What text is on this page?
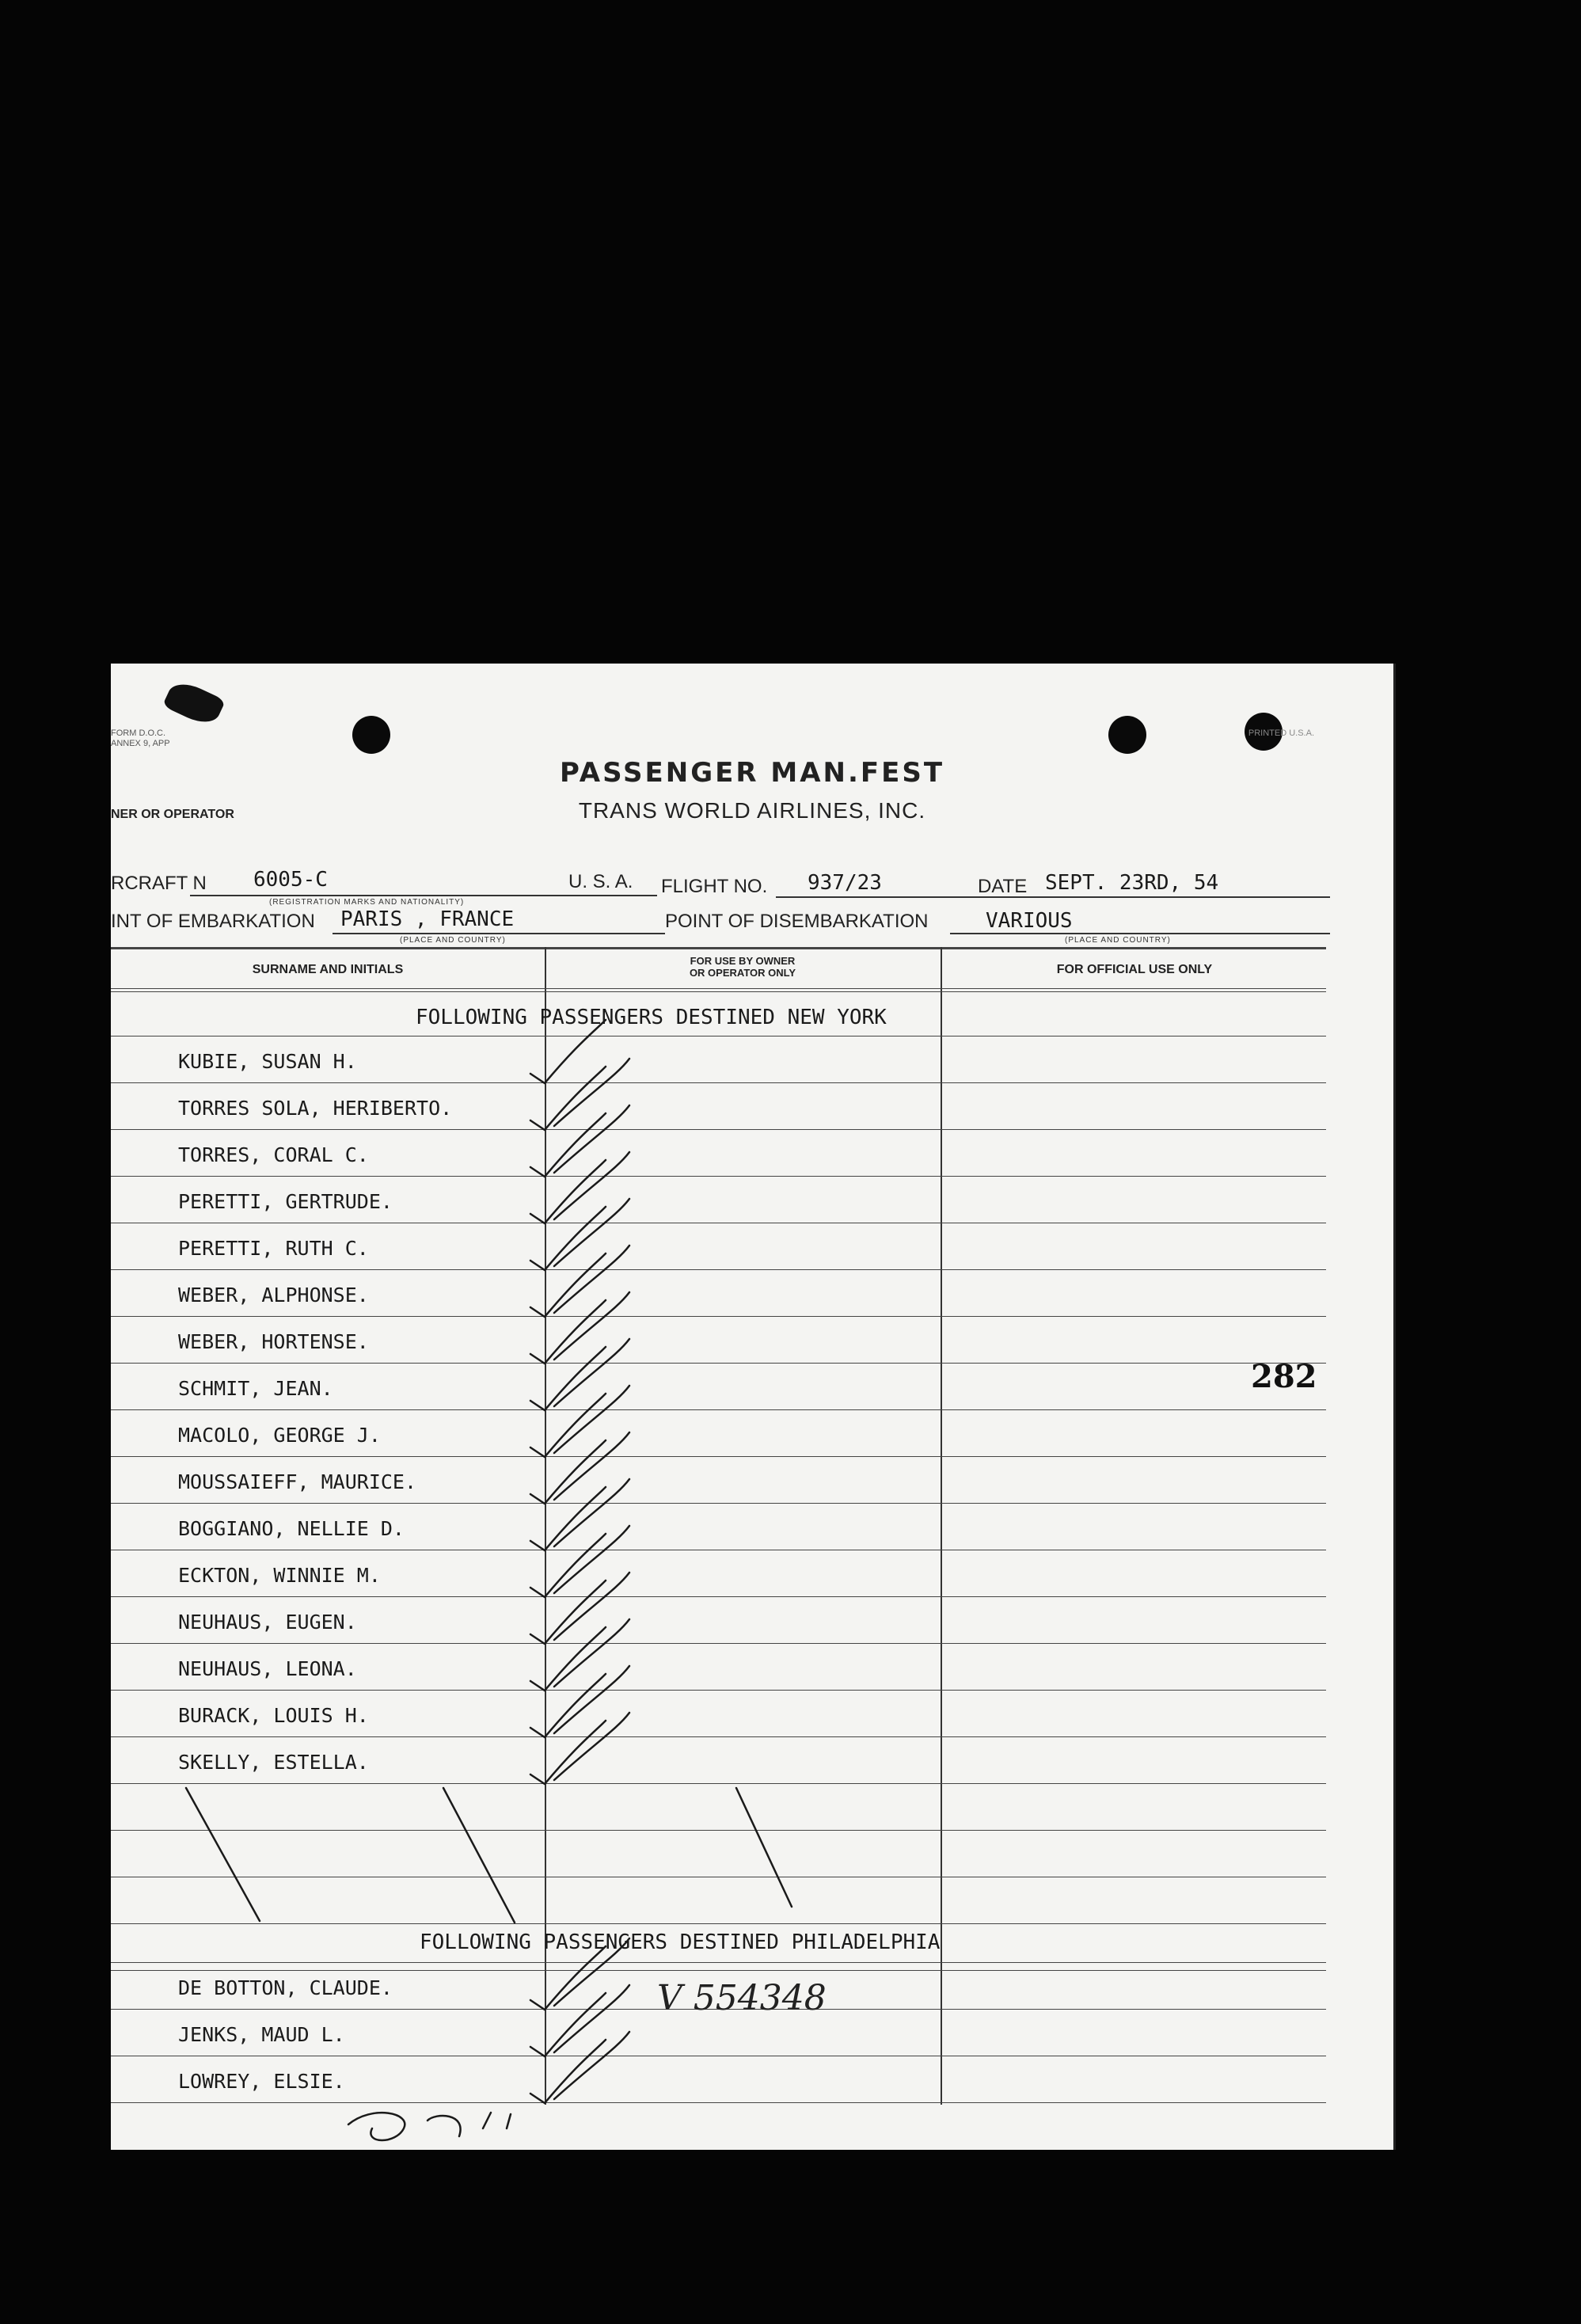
FORM D.O.C.
ANNEX 9, APP
PRINTED U.S.A.
PASSENGER MAN.FEST
TRANS WORLD AIRLINES, INC.
NER OR OPERATOR
RCRAFT N 6005-C
(REGISTRATION MARKS AND NATIONALITY)
U. S. A. FLIGHT NO. 937/23	DATE SEPT. 23RD, 54
INT OF EMBARKATION PARIS , FRANCE
(PLACE AND COUNTRY)
POINT OF DISEMBARKATION	VARIOUS
(PLACE AND COUNTRY)
SURNAME AND INITIALS
FOR USE BY OWNER
OR OPERATOR ONLY	FOR OFFICIAL USE ONLY
FOLLOWING PASSENGERS DESTINED NEW YORK
KUBIE, SUSAN H.
TORRES SOLA, HERIBERTO.
TORRES, CORAL C.
PERETTI, GERTRUDE.
PERETTI, RUTH C.
WEBER, ALPHONSE.
WEBER, HORTENSE.
SCHMIT, JEAN.
MACOLO, GEORGE J.
MOUSSAIEFF, MAURICE.
BOGGIANO, NELLIE D.
ECKTON, WINNIE M.
NEUHAUS, EUGEN.
NEUHAUS, LEONA.
BURACK, LOUIS H.
SKELLY, ESTELLA.
DE BOTTON, CLAUDE.
JENKS, MAUD L.
LOWREY, ELSIE.
FOLLOWING PASSENGERS DESTINED PHILADELPHIA
282
V 554348
